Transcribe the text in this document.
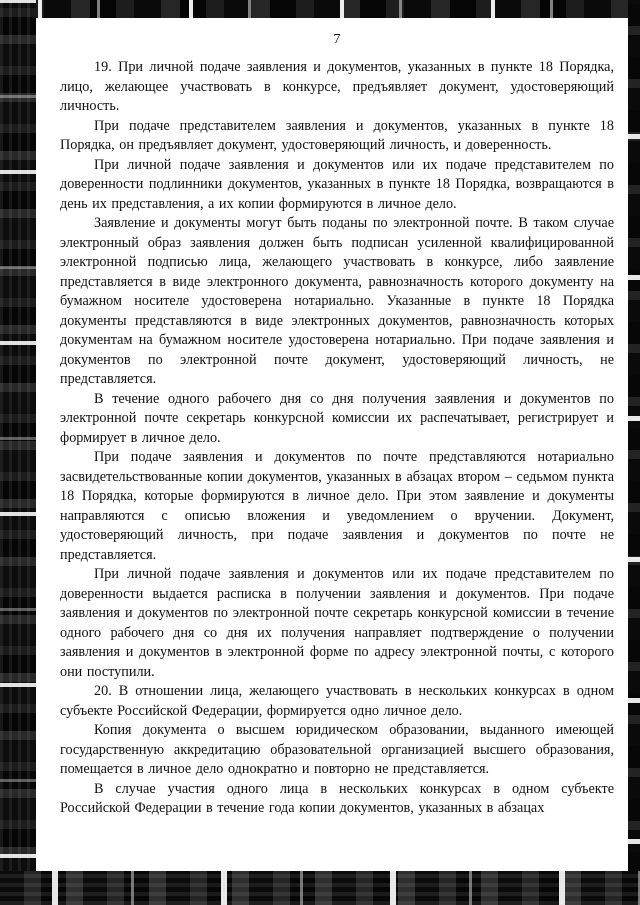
7

19. При личной подаче заявления и документов, указанных в пункте 18 Порядка, лицо, желающее участвовать в конкурсе, предъявляет документ, удостоверяющий личность.

При подаче представителем заявления и документов, указанных в пункте 18 Порядка, он предъявляет документ, удостоверяющий личность, и доверенность.

При личной подаче заявления и документов или их подаче представителем по доверенности подлинники документов, указанных в пункте 18 Порядка, возвращаются в день их представления, а их копии формируются в личное дело.

Заявление и документы могут быть поданы по электронной почте. В таком случае электронный образ заявления должен быть подписан усиленной квалифицированной электронной подписью лица, желающего участвовать в конкурсе, либо заявление представляется в виде электронного документа, равнозначность которого документу на бумажном носителе удостоверена нотариально. Указанные в пункте 18 Порядка документы представляются в виде электронных документов, равнозначность которых документам на бумажном носителе удостоверена нотариально. При подаче заявления и документов по электронной почте документ, удостоверяющий личность, не представляется.

В течение одного рабочего дня со дня получения заявления и документов по электронной почте секретарь конкурсной комиссии их распечатывает, регистрирует и формирует в личное дело.

При подаче заявления и документов по почте представляются нотариально засвидетельствованные копии документов, указанных в абзацах втором – седьмом пункта 18 Порядка, которые формируются в личное дело. При этом заявление и документы направляются с описью вложения и уведомлением о вручении. Документ, удостоверяющий личность, при подаче заявления и документов по почте не представляется.

При личной подаче заявления и документов или их подаче представителем по доверенности выдается расписка в получении заявления и документов. При подаче заявления и документов по электронной почте секретарь конкурсной комиссии в течение одного рабочего дня со дня их получения направляет подтверждение о получении заявления и документов в электронной форме по адресу электронной почты, с которого они поступили.

20. В отношении лица, желающего участвовать в нескольких конкурсах в одном субъекте Российской Федерации, формируется одно личное дело.

Копия документа о высшем юридическом образовании, выданного имеющей государственную аккредитацию образовательной организацией высшего образования, помещается в личное дело однократно и повторно не представляется.

В случае участия одного лица в нескольких конкурсах в одном субъекте Российской Федерации в течение года копии документов, указанных в абзацах
